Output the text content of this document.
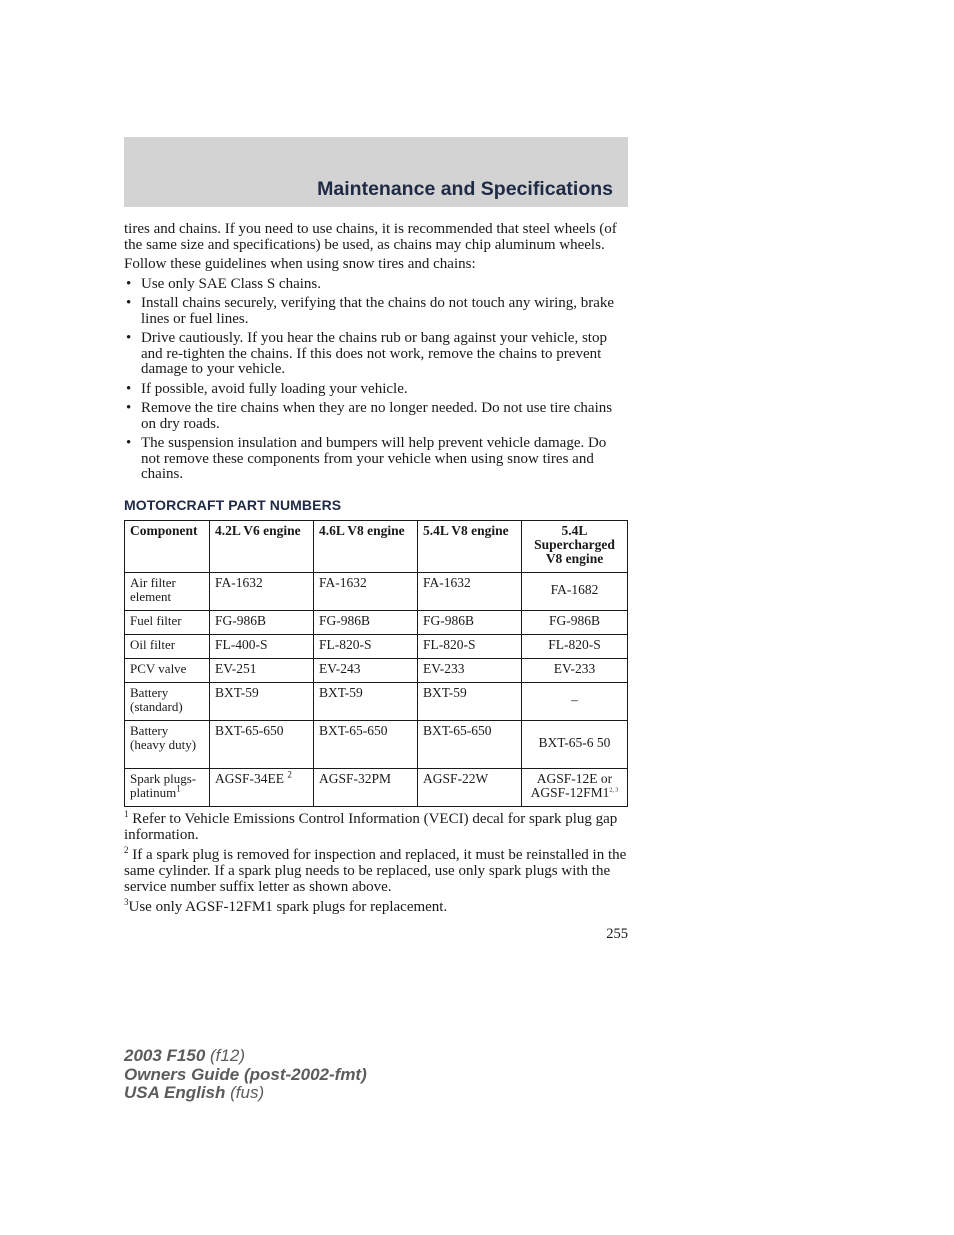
Maintenance and Specifications

tires and chains. If you need to use chains, it is recommended that steel wheels (of the same size and specifications) be used, as chains may chip aluminum wheels.

Follow these guidelines when using snow tires and chains:

• Use only SAE Class S chains.
• Install chains securely, verifying that the chains do not touch any wiring, brake lines or fuel lines.
• Drive cautiously. If you hear the chains rub or bang against your vehicle, stop and re-tighten the chains. If this does not work, remove the chains to prevent damage to your vehicle.
• If possible, avoid fully loading your vehicle.
• Remove the tire chains when they are no longer needed. Do not use tire chains on dry roads.
• The suspension insulation and bumpers will help prevent vehicle damage. Do not remove these components from your vehicle when using snow tires and chains.
MOTORCRAFT PART NUMBERS
Component	4.2L V6 engine	4.6L V8 engine	5.4L V8 engine	5.4L Supercharged V8 engine
Air filter element	FA-1632	FA-1632	FA-1632	FA-1682
Fuel filter	FG-986B	FG-986B	FG-986B	FG-986B
Oil filter	FL-400-S	FL-820-S	FL-820-S	FL-820-S
PCV valve	EV-251	EV-243	EV-233	EV-233
Battery (standard)	BXT-59	BXT-59	BXT-59	–
Battery (heavy duty)	BXT-65-650	BXT-65-650	BXT-65-650	BXT-65-6 50
Spark plugs-platinum$^1$	AGSF-34EE $^2$	AGSF-32PM	AGSF-22W	AGSF-12E or
AGSF-12FM1$^{2, 3}$

$^1$ Refer to Vehicle Emissions Control Information (VECI) decal for spark plug gap information.

$^2$ If a spark plug is removed for inspection and replaced, it must be reinstalled in the same cylinder. If a spark plug needs to be replaced, use only spark plugs with the service number suffix letter as shown above.

$^3$Use only AGSF-12FM1 spark plugs for replacement.

255
2003 F150 (f12)
Owners Guide (post-2002-fmt)
USA English (fus)
